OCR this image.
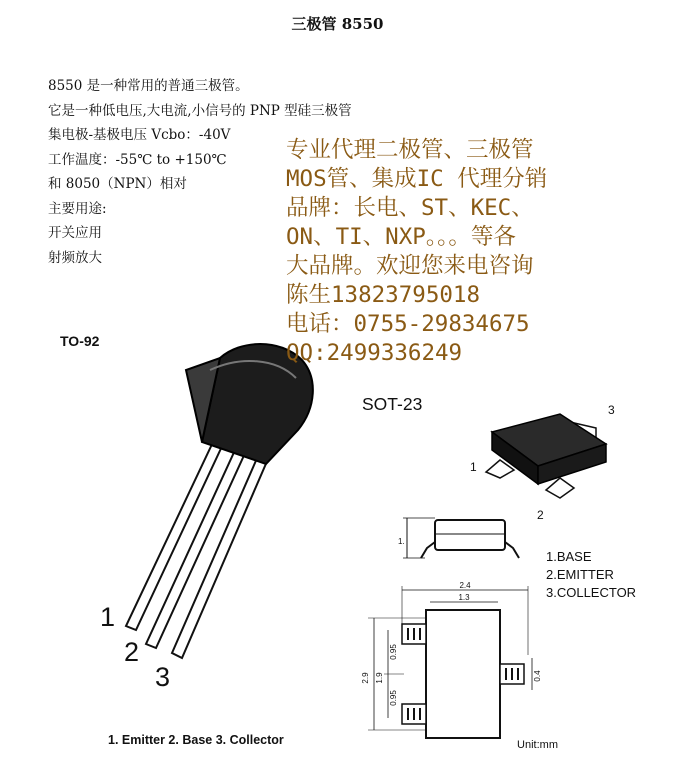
三极管 8550
8550 是一种常用的普通三极管。
它是一种低电压,大电流,小信号的 PNP 型硅三极管
集电极-基极电压 Vcbo：-40V
工作温度：-55℃ to +150℃
和 8050（NPN）相对
主要用途:
开关应用
射频放大
TO-92
1
2
3
1. Emitter 2. Base 3. Collector
SOT-23
1
2
3
1.
1.BASE
2.EMITTER
3.COLLECTOR
Unit:mm
2.4
1.3
2.9 1.9
0.95
0.95
0.4
专业代理二极管、三极管
MOS管、集成IC 代理分销
品牌：长电、ST、KEC、
ON、TI、NXP。。。等各
大品牌。欢迎您来电咨询
陈生13823795018
电话：0755-29834675
QQ:2499336249
